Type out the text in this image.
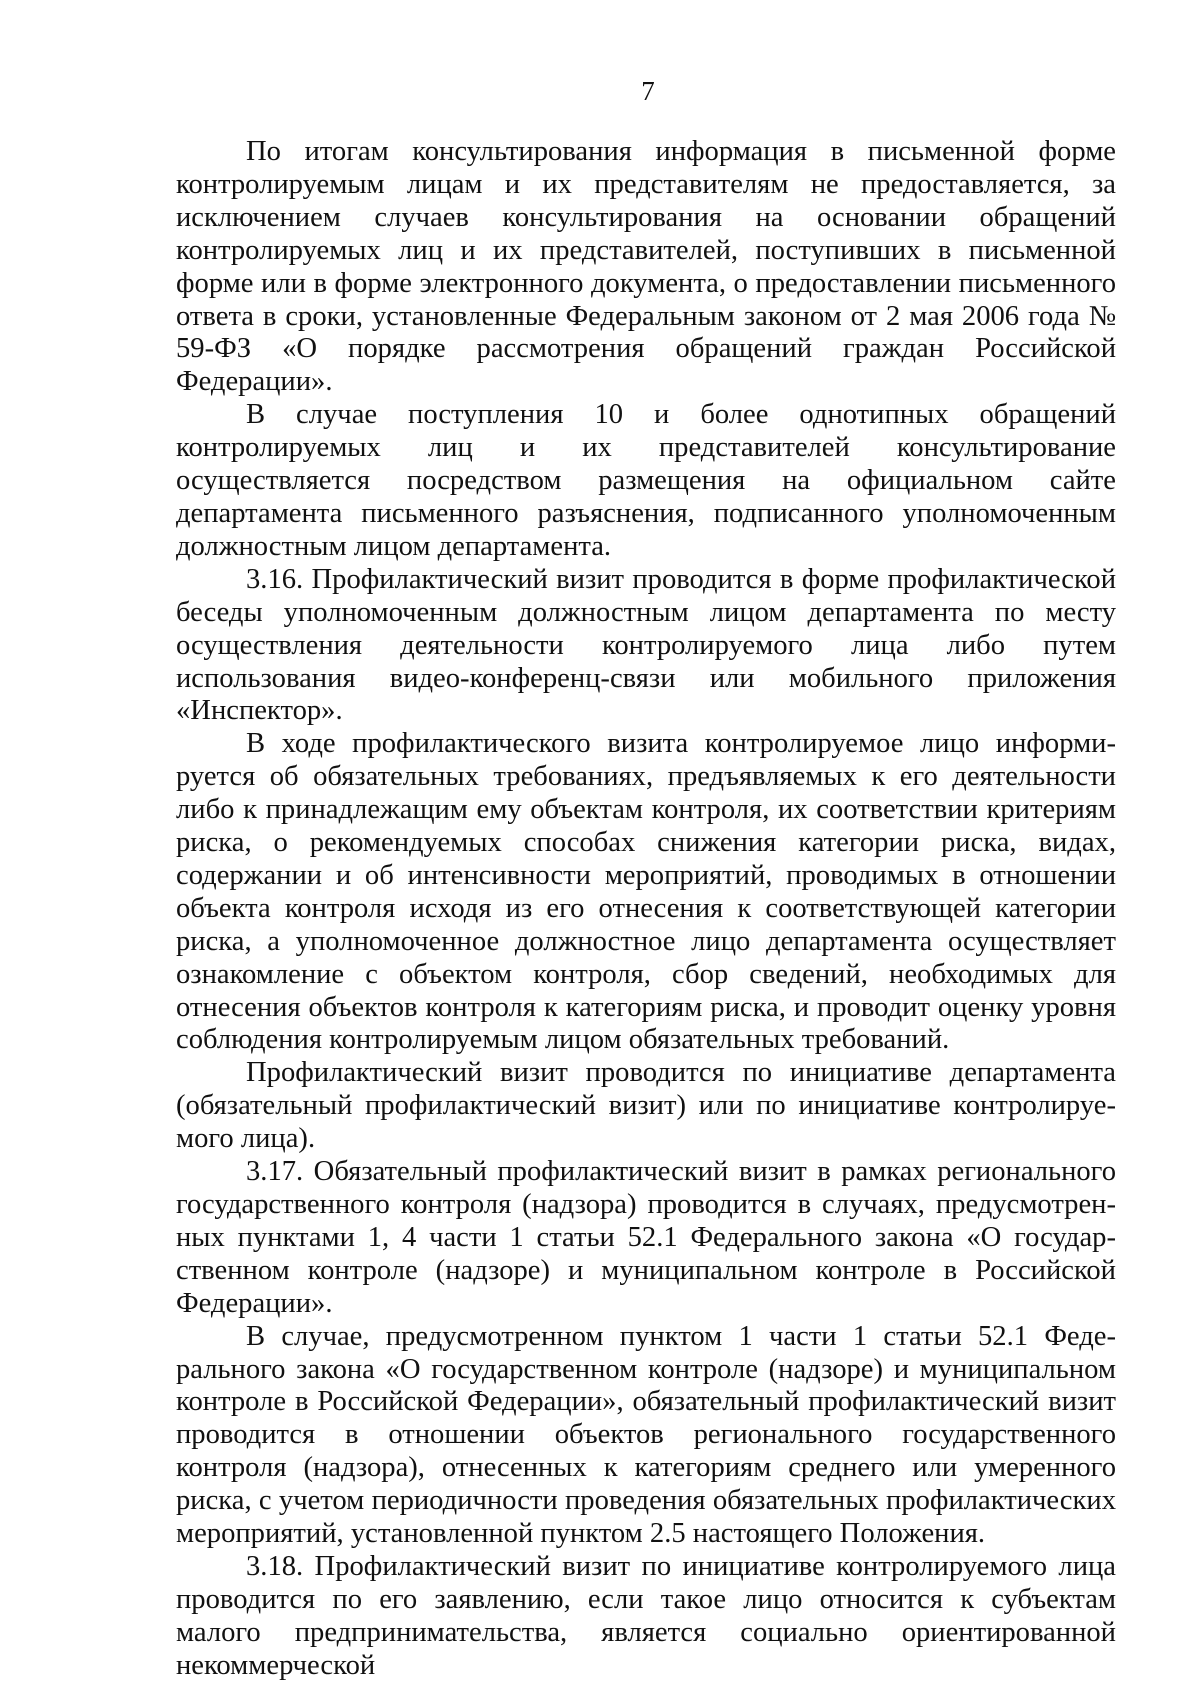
7

По итогам консультирования информация в письменной форме контролируемым лицам и их представителям не предоставляется, за исключением случаев консультирования на основании обращений контролируемых лиц и их представителей, поступивших в письменной форме или в форме электронного документа, о предоставлении письменного ответа в сроки, установленные Федеральным законом от 2 мая 2006 года № 59-ФЗ «О порядке рассмотрения обращений граждан Российской Федерации».

В случае поступления 10 и более однотипных обращений контролируемых лиц и их представителей консультирование осуществляется посредством размещения на официальном сайте департамента письменного разъяснения, подписанного уполномоченным должностным лицом департамента.

3.16. Профилактический визит проводится в форме профилактической беседы уполномоченным должностным лицом департамента по месту осуществления деятельности контролируемого лица либо путем использования видео-конференц-связи или мобильного приложения «Инспектор».

В ходе профилактического визита контролируемое лицо информируется об обязательных требованиях, предъявляемых к его деятельности либо к принадлежащим ему объектам контроля, их соответствии критериям риска, о рекомендуемых способах снижения категории риска, видах, содержании и об интенсивности мероприятий, проводимых в отношении объекта контроля исходя из его отнесения к соответствующей категории риска, а уполномоченное должностное лицо департамента осуществляет ознакомление с объектом контроля, сбор сведений, необходимых для отнесения объектов контроля к категориям риска, и проводит оценку уровня соблюдения контролируемым лицом обязательных требований.

Профилактический визит проводится по инициативе департамента (обязательный профилактический визит) или по инициативе контролируемого лица).

3.17. Обязательный профилактический визит в рамках регионального государственного контроля (надзора) проводится в случаях, предусмотренных пунктами 1, 4 части 1 статьи 52.1 Федерального закона «О государственном контроле (надзоре) и муниципальном контроле в Российской Федерации».

В случае, предусмотренном пунктом 1 части 1 статьи 52.1 Федерального закона «О государственном контроле (надзоре) и муниципальном контроле в Российской Федерации», обязательный профилактический визит проводится в отношении объектов регионального государственного контроля (надзора), отнесенных к категориям среднего или умеренного риска, с учетом периодичности проведения обязательных профилактических мероприятий, установленной пунктом 2.5 настоящего Положения.

3.18. Профилактический визит по инициативе контролируемого лица проводится по его заявлению, если такое лицо относится к субъектам малого предпринимательства, является социально ориентированной некоммерческой
